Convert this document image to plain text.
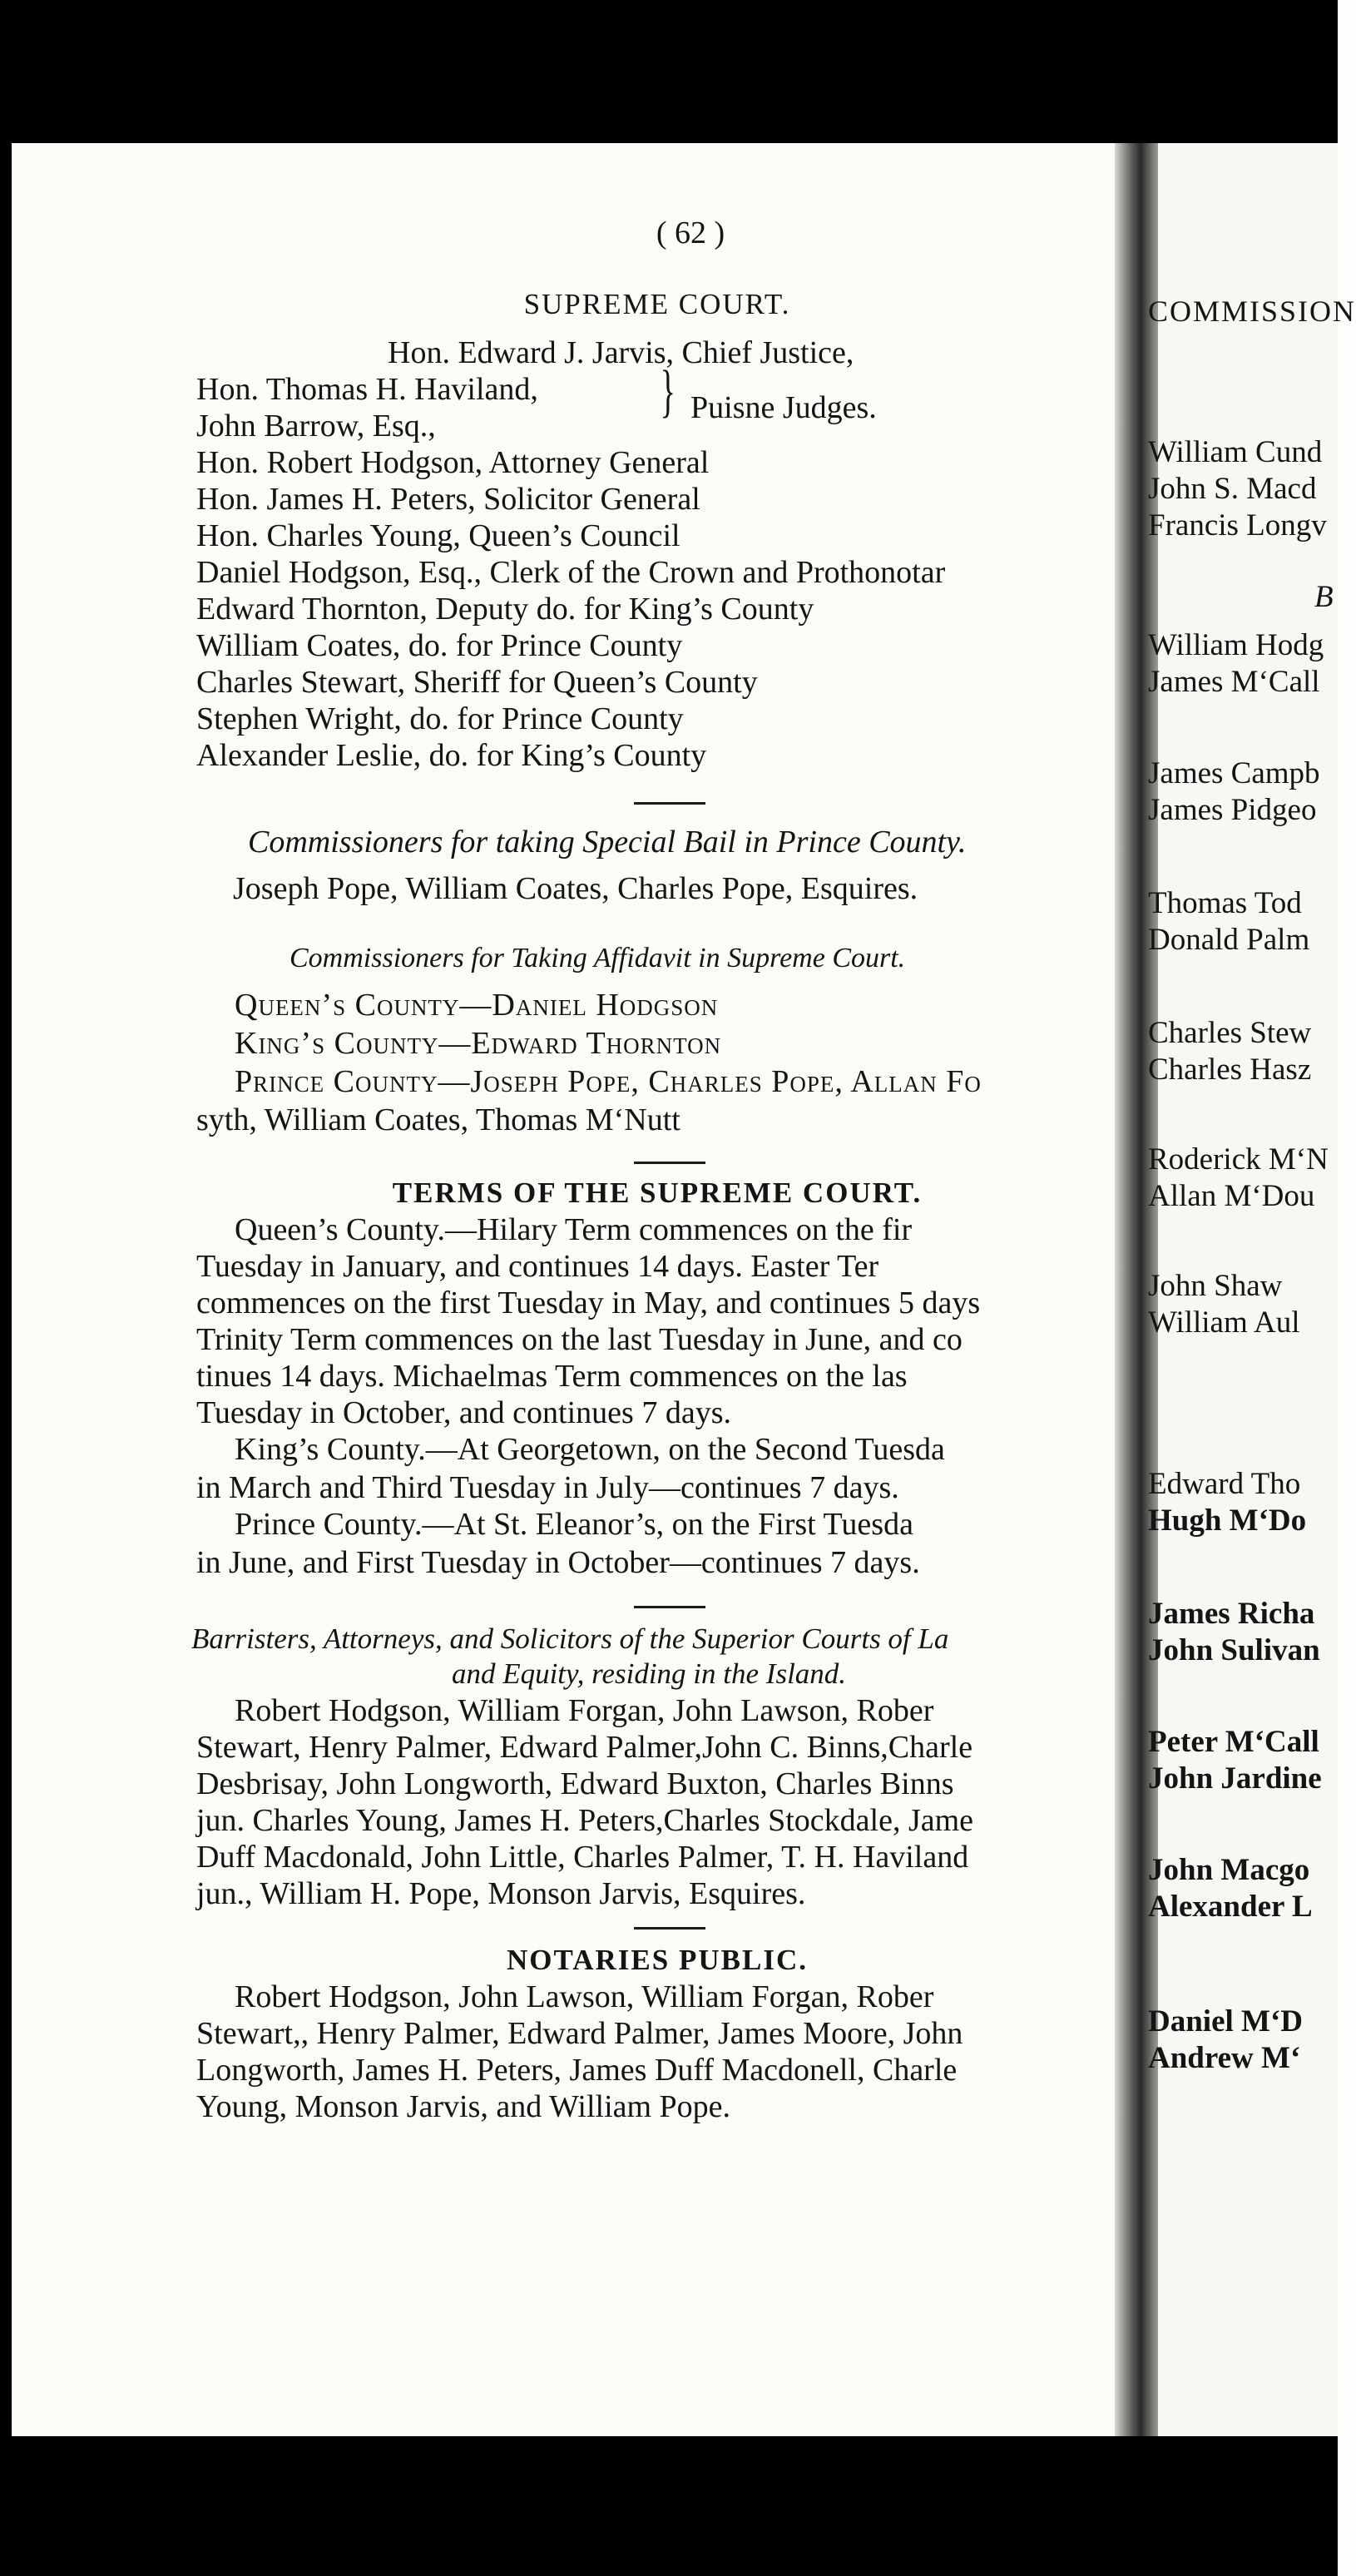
( 62 )
SUPREME COURT.
Hon. Edward J. Jarvis, Chief Justice,
Hon. Thomas H. Haviland,
John Barrow, Esq.,
} Puisne Judges.
Hon. Robert Hodgson, Attorney General
Hon. James H. Peters, Solicitor General
Hon. Charles Young, Queen’s Council
Daniel Hodgson, Esq., Clerk of the Crown and Prothonotar
Edward Thornton, Deputy do. for King’s County
William Coates, do. for Prince County
Charles Stewart, Sheriff for Queen’s County
Stephen Wright, do. for Prince County
Alexander Leslie, do. for King’s County
Commissioners for taking Special Bail in Prince County.
Joseph Pope, William Coates, Charles Pope, Esquires.
Commissioners for Taking Affidavit in Supreme Court.
Queen’s County—Daniel Hodgson
King’s County—Edward Thornton
Prince County—Joseph Pope, Charles Pope, Allan Fo
syth, William Coates, Thomas M‘Nutt
TERMS OF THE SUPREME COURT.
Queen’s County.—Hilary Term commences on the fir
Tuesday in January, and continues 14 days. Easter Ter
commences on the first Tuesday in May, and continues 5 days
Trinity Term commences on the last Tuesday in June, and co
tinues 14 days. Michaelmas Term commences on the las
Tuesday in October, and continues 7 days.
King’s County.—At Georgetown, on the Second Tuesda
in March and Third Tuesday in July—continues 7 days.
Prince County.—At St. Eleanor’s, on the First Tuesda
in June, and First Tuesday in October—continues 7 days.
Barristers, Attorneys, and Solicitors of the Superior Courts of La
and Equity, residing in the Island.
Robert Hodgson, William Forgan, John Lawson, Rober
Stewart, Henry Palmer, Edward Palmer,John C. Binns,Charle
Desbrisay, John Longworth, Edward Buxton, Charles Binns
jun. Charles Young, James H. Peters,Charles Stockdale, Jame
Duff Macdonald, John Little, Charles Palmer, T. H. Haviland
jun., William H. Pope, Monson Jarvis, Esquires.
NOTARIES PUBLIC.
Robert Hodgson, John Lawson, William Forgan, Rober
Stewart,, Henry Palmer, Edward Palmer, James Moore, John
Longworth, James H. Peters, James Duff Macdonell, Charle
Young, Monson Jarvis, and William Pope.
COMMISSION
William Cund
John S. Macd
Francis Longv
B
William Hodg
James M‘Call
James Campb
James Pidgeo
Thomas Tod
Donald Palm
Charles Stew
Charles Hasz
Roderick M‘N
Allan M‘Dou
John Shaw
William Aul
Edward Tho
Hugh M‘Do
James Richa
John Sulivan
Peter M‘Call
John Jardine
John Macgo
Alexander L
Daniel M‘D
Andrew M‘
